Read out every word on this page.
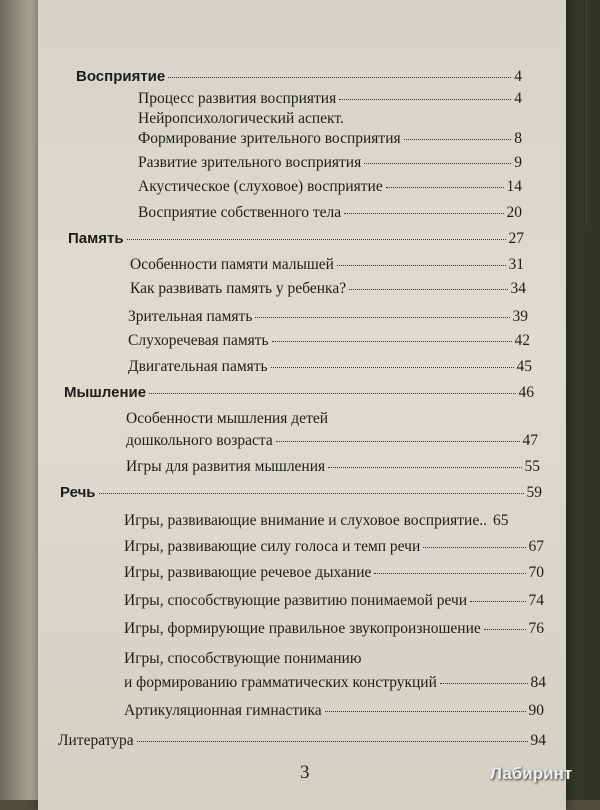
Восприятие	4
Процесс развития восприятия	4
Нейропсихологический аспект.
Формирование зрительного восприятия	8
Развитие зрительного восприятия	9
Акустическое (слуховое) восприятие	14
Восприятие собственного тела	20
Память	27
Особенности памяти малышей	31
Как развивать память у ребенка?	34
Зрительная память	39
Слухоречевая память	42
Двигательная память	45
Мышление	46
Особенности мышления детей
дошкольного возраста	47
Игры для развития мышления	55
Речь	59
Игры, развивающие внимание и слуховое восприятие.. 65
Игры, развивающие силу голоса и темп речи	67
Игры, развивающие речевое дыхание	70
Игры, способствующие развитию понимаемой речи	74
Игры, формирующие правильное звукопроизношение	76
Игры, способствующие пониманию
и формированию грамматических конструкций	84
Артикуляционная гимнастика	90
Литература	94
3	Лабиринт
